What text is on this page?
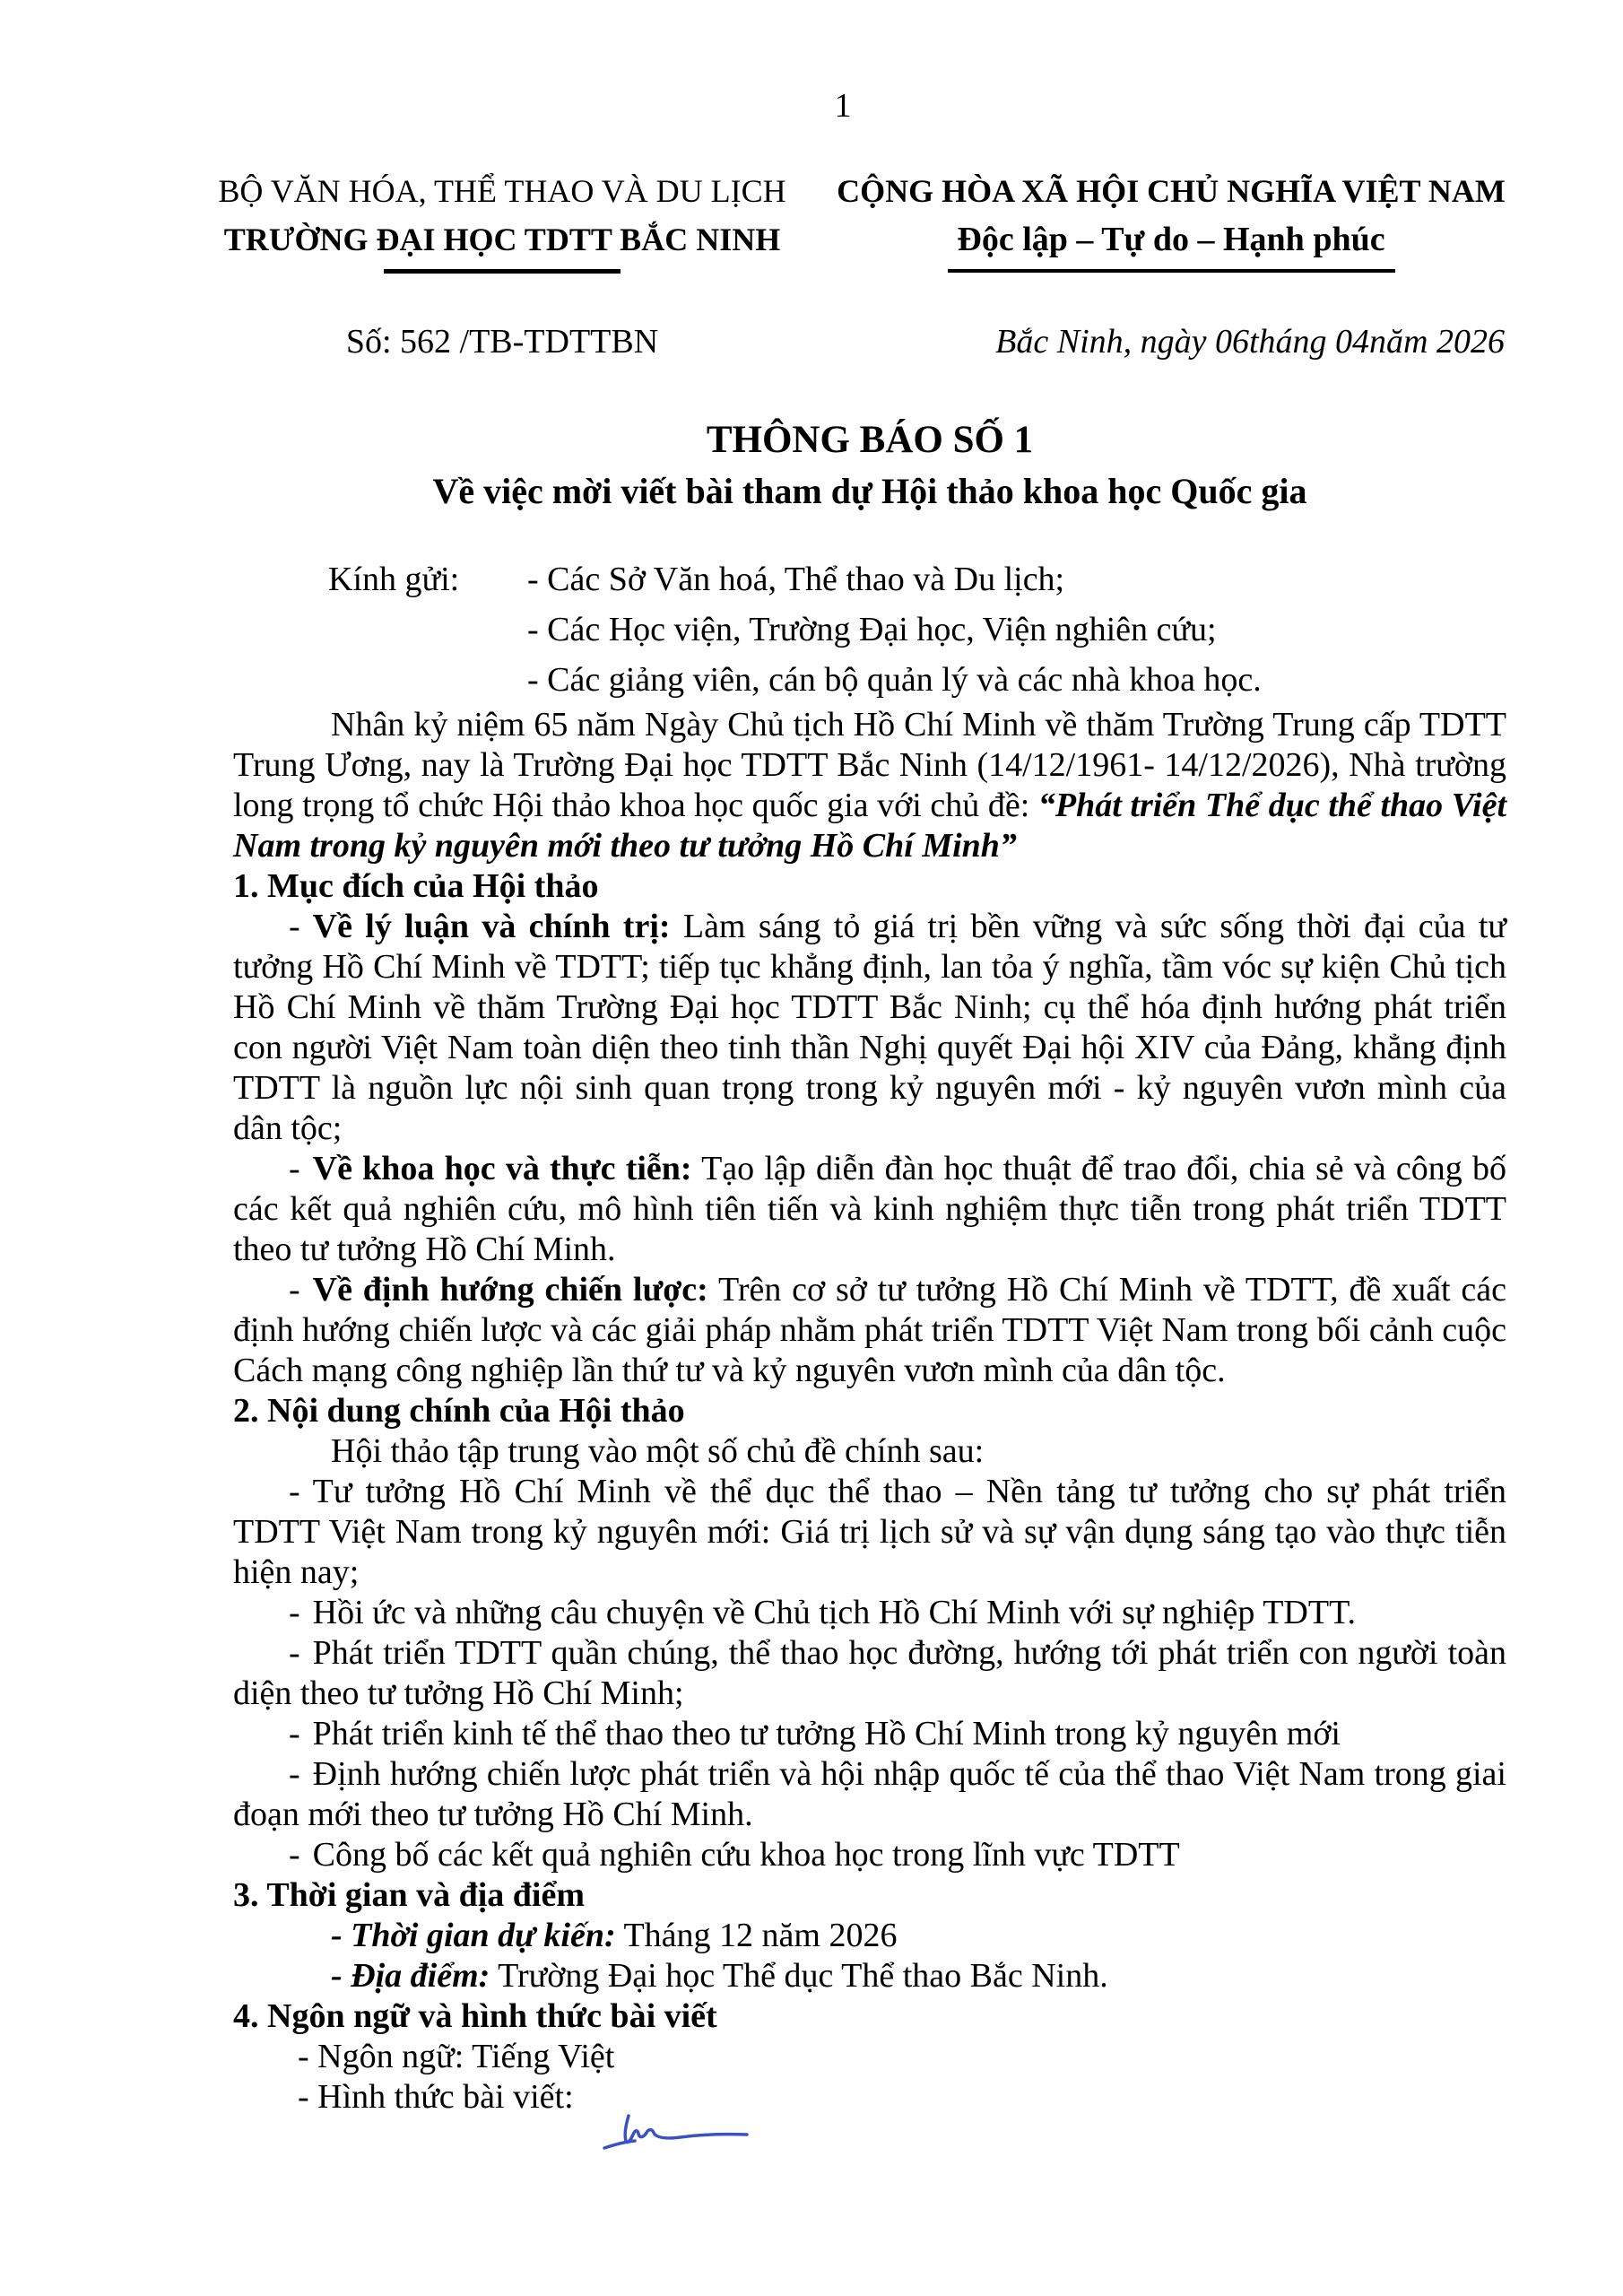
1
BỘ VĂN HÓA, THỂ THAO VÀ DU LỊCH
TRƯỜNG ĐẠI HỌC TDTT BẮC NINH
CỘNG HÒA XÃ HỘI CHỦ NGHĨA VIỆT NAM
Độc lập – Tự do – Hạnh phúc
Số: 562 /TB-TDTTBN	Bắc Ninh, ngày 06tháng 04năm 2026
THÔNG BÁO SỐ 1
Về việc mời viết bài tham dự Hội thảo khoa học Quốc gia
Kính gửi:	- Các Sở Văn hoá, Thể thao và Du lịch;
- Các Học viện, Trường Đại học, Viện nghiên cứu;
- Các giảng viên, cán bộ quản lý và các nhà khoa học.

Nhân kỷ niệm 65 năm Ngày Chủ tịch Hồ Chí Minh về thăm Trường Trung cấp TDTT Trung Ương, nay là Trường Đại học TDTT Bắc Ninh (14/12/1961- 14/12/2026), Nhà trường long trọng tổ chức Hội thảo khoa học quốc gia với chủ đề: “Phát triển Thể dục thể thao Việt Nam trong kỷ nguyên mới theo tư tưởng Hồ Chí Minh”

1. Mục đích của Hội thảo

- Về lý luận và chính trị: Làm sáng tỏ giá trị bền vững và sức sống thời đại của tư tưởng Hồ Chí Minh về TDTT; tiếp tục khẳng định, lan tỏa ý nghĩa, tầm vóc sự kiện Chủ tịch Hồ Chí Minh về thăm Trường Đại học TDTT Bắc Ninh; cụ thể hóa định hướng phát triển con người Việt Nam toàn diện theo tinh thần Nghị quyết Đại hội XIV của Đảng, khẳng định TDTT là nguồn lực nội sinh quan trọng trong kỷ nguyên mới - kỷ nguyên vươn mình của dân tộc;

- Về khoa học và thực tiễn: Tạo lập diễn đàn học thuật để trao đổi, chia sẻ và công bố các kết quả nghiên cứu, mô hình tiên tiến và kinh nghiệm thực tiễn trong phát triển TDTT theo tư tưởng Hồ Chí Minh.

- Về định hướng chiến lược: Trên cơ sở tư tưởng Hồ Chí Minh về TDTT, đề xuất các định hướng chiến lược và các giải pháp nhằm phát triển TDTT Việt Nam trong bối cảnh cuộc Cách mạng công nghiệp lần thứ tư và kỷ nguyên vươn mình của dân tộc.

2. Nội dung chính của Hội thảo

Hội thảo tập trung vào một số chủ đề chính sau:

- Tư tưởng Hồ Chí Minh về thể dục thể thao – Nền tảng tư tưởng cho sự phát triển TDTT Việt Nam trong kỷ nguyên mới: Giá trị lịch sử và sự vận dụng sáng tạo vào thực tiễn hiện nay;

- Hồi ức và những câu chuyện về Chủ tịch Hồ Chí Minh với sự nghiệp TDTT.

- Phát triển TDTT quần chúng, thể thao học đường, hướng tới phát triển con người toàn diện theo tư tưởng Hồ Chí Minh;

- Phát triển kinh tế thể thao theo tư tưởng Hồ Chí Minh trong kỷ nguyên mới

- Định hướng chiến lược phát triển và hội nhập quốc tế của thể thao Việt Nam trong giai đoạn mới theo tư tưởng Hồ Chí Minh.

- Công bố các kết quả nghiên cứu khoa học trong lĩnh vực TDTT

3. Thời gian và địa điểm

- Thời gian dự kiến: Tháng 12 năm 2026

- Địa điểm: Trường Đại học Thể dục Thể thao Bắc Ninh.

4. Ngôn ngữ và hình thức bài viết

- Ngôn ngữ: Tiếng Việt

- Hình thức bài viết:
